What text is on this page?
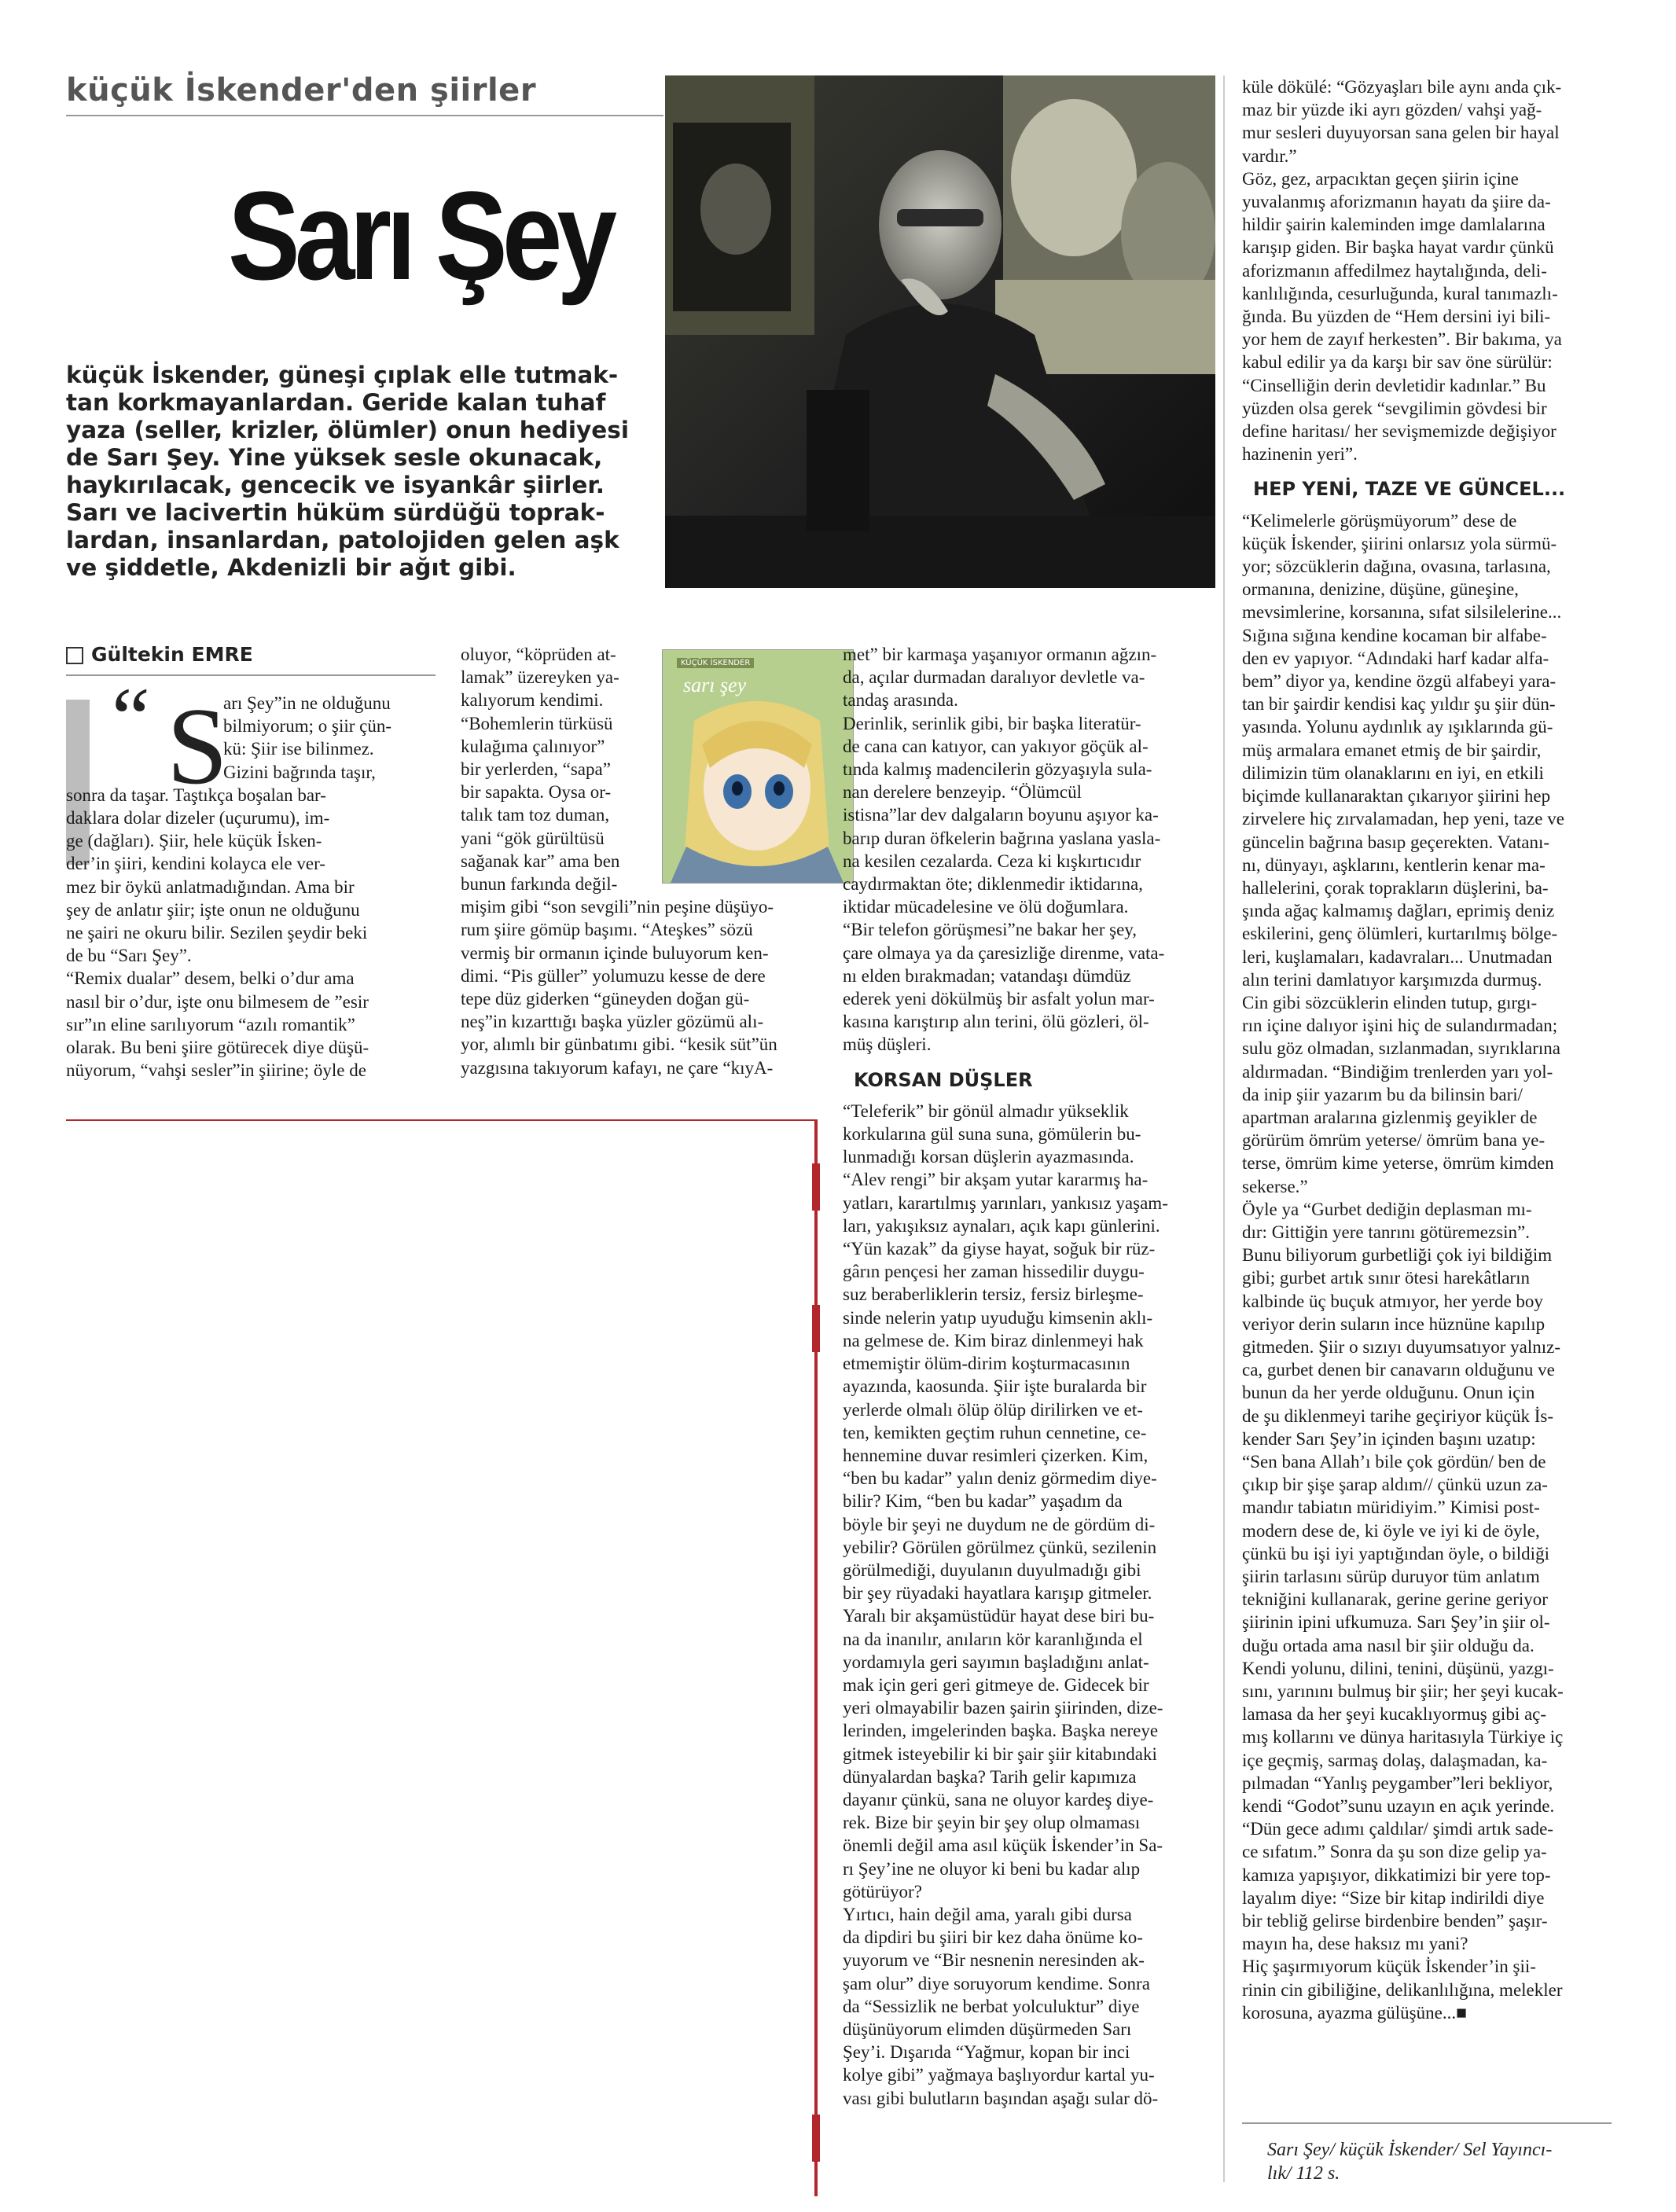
küçük İskender'den şiirler
Sarı Şey
küçük İskender, güneşi çıplak elle tutmak-
tan korkmayanlardan. Geride kalan tuhaf
yaza (seller, krizler, ölümler) onun hediyesi
de Sarı Şey. Yine yüksek sesle okunacak,
haykırılacak, gencecik ve isyankâr şiirler.
Sarı ve lacivertin hüküm sürdüğü toprak-
lardan, insanlardan, patolojiden gelen aşk
ve şiddetle, Akdenizli bir ağıt gibi.
Gültekin EMRE
“ S
arı Şey”in ne olduğunu
bilmiyorum; o şiir çün-
kü: Şiir ise bilinmez.
Gizini bağrında taşır,
sonra da taşar. Taştıkça boşalan bar-
daklara dolar dizeler (uçurumu), im-
ge (dağları). Şiir, hele küçük İsken-
der’in şiiri, kendini kolayca ele ver-
mez bir öykü anlatmadığından. Ama bir
şey de anlatır şiir; işte onun ne olduğunu
ne şairi ne okuru bilir. Sezilen şeydir beki
de bu “Sarı Şey”.
“Remix dualar” desem, belki o’dur ama
nasıl bir o’dur, işte onu bilmesem de ”esir
sır”ın eline sarılıyorum “azılı romantik”
olarak. Bu beni şiire götürecek diye düşü-
nüyorum, “vahşi sesler”in şiirine; öyle de
oluyor, “köprüden at-
lamak” üzereyken ya-
kalıyorum kendimi.
“Bohemlerin türküsü
kulağıma çalınıyor”
bir yerlerden, “sapa”
bir sapakta. Oysa or-
talık tam toz duman,
yani “gök gürültüsü
sağanak kar” ama ben
bunun farkında değil-
mişim gibi “son sevgili”nin peşine düşüyo-
rum şiire gömüp başımı. “Ateşkes” sözü
vermiş bir ormanın içinde buluyorum ken-
dimi. “Pis güller” yolumuzu kesse de dere
tepe düz giderken “güneyden doğan gü-
neş”in kızarttığı başka yüzler gözümü alı-
yor, alımlı bir günbatımı gibi. “kesik süt”ün
yazgısına takıyorum kafayı, ne çare “kıyA-
KÜÇÜK İSKENDER
sarı şey
met” bir karmaşa yaşanıyor ormanın ağzın-
da, açılar durmadan daralıyor devletle va-
tandaş arasında.
Derinlik, serinlik gibi, bir başka literatür-
de cana can katıyor, can yakıyor göçük al-
tında kalmış madencilerin gözyaşıyla sula-
nan derelere benzeyip. “Ölümcül
istisna”lar dev dalgaların boyunu aşıyor ka-
barıp duran öfkelerin bağrına yaslana yasla-
na kesilen cezalarda. Ceza ki kışkırtıcıdır
caydırmaktan öte; diklenmedir iktidarına,
iktidar mücadelesine ve ölü doğumlara.
“Bir telefon görüşmesi”ne bakar her şey,
çare olmaya ya da çaresizliğe direnme, vata-
nı elden bırakmadan; vatandaşı dümdüz
ederek yeni dökülmüş bir asfalt yolun mar-
kasına karıştırıp alın terini, ölü gözleri, öl-
müş düşleri.
KORSAN DÜŞLER
“Teleferik” bir gönül almadır yükseklik
korkularına gül suna suna, gömülerin bu-
lunmadığı korsan düşlerin ayazmasında.
“Alev rengi” bir akşam yutar kararmış ha-
yatları, karartılmış yarınları, yankısız yaşam-
ları, yakışıksız aynaları, açık kapı günlerini.
“Yün kazak” da giyse hayat, soğuk bir rüz-
gârın pençesi her zaman hissedilir duygu-
suz beraberliklerin tersiz, fersiz birleşme-
sinde nelerin yatıp uyuduğu kimsenin aklı-
na gelmese de. Kim biraz dinlenmeyi hak
etmemiştir ölüm-dirim koşturmacasının
ayazında, kaosunda. Şiir işte buralarda bir
yerlerde olmalı ölüp ölüp dirilirken ve et-
ten, kemikten geçtim ruhun cennetine, ce-
hennemine duvar resimleri çizerken. Kim,
“ben bu kadar” yalın deniz görmedim diye-
bilir? Kim, “ben bu kadar” yaşadım da
böyle bir şeyi ne duydum ne de gördüm di-
yebilir? Görülen görülmez çünkü, sezilenin
görülmediği, duyulanın duyulmadığı gibi
bir şey rüyadaki hayatlara karışıp gitmeler.
Yaralı bir akşamüstüdür hayat dese biri bu-
na da inanılır, anıların kör karanlığında el
yordamıyla geri sayımın başladığını anlat-
mak için geri geri gitmeye de. Gidecek bir
yeri olmayabilir bazen şairin şiirinden, dize-
lerinden, imgelerinden başka. Başka nereye
gitmek isteyebilir ki bir şair şiir kitabındaki
dünyalardan başka? Tarih gelir kapımıza
dayanır çünkü, sana ne oluyor kardeş diye-
rek. Bize bir şeyin bir şey olup olmaması
önemli değil ama asıl küçük İskender’in Sa-
rı Şey’ine ne oluyor ki beni bu kadar alıp
götürüyor?
Yırtıcı, hain değil ama, yaralı gibi dursa
da dipdiri bu şiiri bir kez daha önüme ko-
yuyorum ve “Bir nesnenin neresinden ak-
şam olur” diye soruyorum kendime. Sonra
da “Sessizlik ne berbat yolculuktur” diye
düşünüyorum elimden düşürmeden Sarı
Şey’i. Dışarıda “Yağmur, kopan bir inci
kolye gibi” yağmaya başlıyordur kartal yu-
vası gibi bulutların başından aşağı sular dö-
küle dökülé: “Gözyaşları bile aynı anda çık-
maz bir yüzde iki ayrı gözden/ vahşi yağ-
mur sesleri duyuyorsan sana gelen bir hayal
vardır.”
Göz, gez, arpacıktan geçen şiirin içine
yuvalanmış aforizmanın hayatı da şiire da-
hildir şairin kaleminden imge damlalarına
karışıp giden. Bir başka hayat vardır çünkü
aforizmanın affedilmez haytalığında, deli-
kanlılığında, cesurluğunda, kural tanımazlı-
ğında. Bu yüzden de “Hem dersini iyi bili-
yor hem de zayıf herkesten”. Bir bakıma, ya
kabul edilir ya da karşı bir sav öne sürülür:
“Cinselliğin derin devletidir kadınlar.” Bu
yüzden olsa gerek “sevgilimin gövdesi bir
define haritası/ her sevişmemizde değişiyor
hazinenin yeri”.
HEP YENİ, TAZE VE GÜNCEL...
“Kelimelerle görüşmüyorum” dese de
küçük İskender, şiirini onlarsız yola sürmü-
yor; sözcüklerin dağına, ovasına, tarlasına,
ormanına, denizine, düşüne, güneşine,
mevsimlerine, korsanına, sıfat silsilelerine...
Sığına sığına kendine kocaman bir alfabe-
den ev yapıyor. “Adındaki harf kadar alfa-
bem” diyor ya, kendine özgü alfabeyi yara-
tan bir şairdir kendisi kaç yıldır şu şiir dün-
yasında. Yolunu aydınlık ay ışıklarında gü-
müş armalara emanet etmiş de bir şairdir,
dilimizin tüm olanaklarını en iyi, en etkili
biçimde kullanaraktan çıkarıyor şiirini hep
zirvelere hiç zırvalamadan, hep yeni, taze ve
güncelin bağrına basıp geçerekten. Vatanı-
nı, dünyayı, aşklarını, kentlerin kenar ma-
hallelerini, çorak toprakların düşlerini, ba-
şında ağaç kalmamış dağları, eprimiş deniz
eskilerini, genç ölümleri, kurtarılmış bölge-
leri, kuşlamaları, kadavraları... Unutmadan
alın terini damlatıyor karşımızda durmuş.
Cin gibi sözcüklerin elinden tutup, gırgı-
rın içine dalıyor işini hiç de sulandırmadan;
sulu göz olmadan, sızlanmadan, sıyrıklarına
aldırmadan. “Bindiğim trenlerden yarı yol-
da inip şiir yazarım bu da bilinsin bari/
apartman aralarına gizlenmiş geyikler de
görürüm ömrüm yeterse/ ömrüm bana ye-
terse, ömrüm kime yeterse, ömrüm kimden
sekerse.”
Öyle ya “Gurbet dediğin deplasman mı-
dır: Gittiğin yere tanrını götüremezsin”.
Bunu biliyorum gurbetliği çok iyi bildiğim
gibi; gurbet artık sınır ötesi harekâtların
kalbinde üç buçuk atmıyor, her yerde boy
veriyor derin suların ince hüznüne kapılıp
gitmeden. Şiir o sızıyı duyumsatıyor yalnız-
ca, gurbet denen bir canavarın olduğunu ve
bunun da her yerde olduğunu. Onun için
de şu diklenmeyi tarihe geçiriyor küçük İs-
kender Sarı Şey’in içinden başını uzatıp:
“Sen bana Allah’ı bile çok gördün/ ben de
çıkıp bir şişe şarap aldım// çünkü uzun za-
mandır tabiatın müridiyim.” Kimisi post-
modern dese de, ki öyle ve iyi ki de öyle,
çünkü bu işi iyi yaptığından öyle, o bildiği
şiirin tarlasını sürüp duruyor tüm anlatım
tekniğini kullanarak, gerine gerine geriyor
şiirinin ipini ufkumuza. Sarı Şey’in şiir ol-
duğu ortada ama nasıl bir şiir olduğu da.
Kendi yolunu, dilini, tenini, düşünü, yazgı-
sını, yarınını bulmuş bir şiir; her şeyi kucak-
lamasa da her şeyi kucaklıyormuş gibi aç-
mış kollarını ve dünya haritasıyla Türkiye iç
içe geçmiş, sarmaş dolaş, dalaşmadan, ka-
pılmadan “Yanlış peygamber”leri bekliyor,
kendi “Godot”sunu uzayın en açık yerinde.
“Dün gece adımı çaldılar/ şimdi artık sade-
ce sıfatım.” Sonra da şu son dize gelip ya-
kamıza yapışıyor, dikkatimizi bir yere top-
layalım diye: “Size bir kitap indirildi diye
bir tebliğ gelirse birdenbire benden” şaşır-
mayın ha, dese haksız mı yani?
Hiç şaşırmıyorum küçük İskender’in şii-
rinin cin gibiliğine, delikanlılığına, melekler
korosuna, ayazma gülüşüne...■
Sarı Şey/ küçük İskender/ Sel Yayıncı-
lık/ 112 s.
